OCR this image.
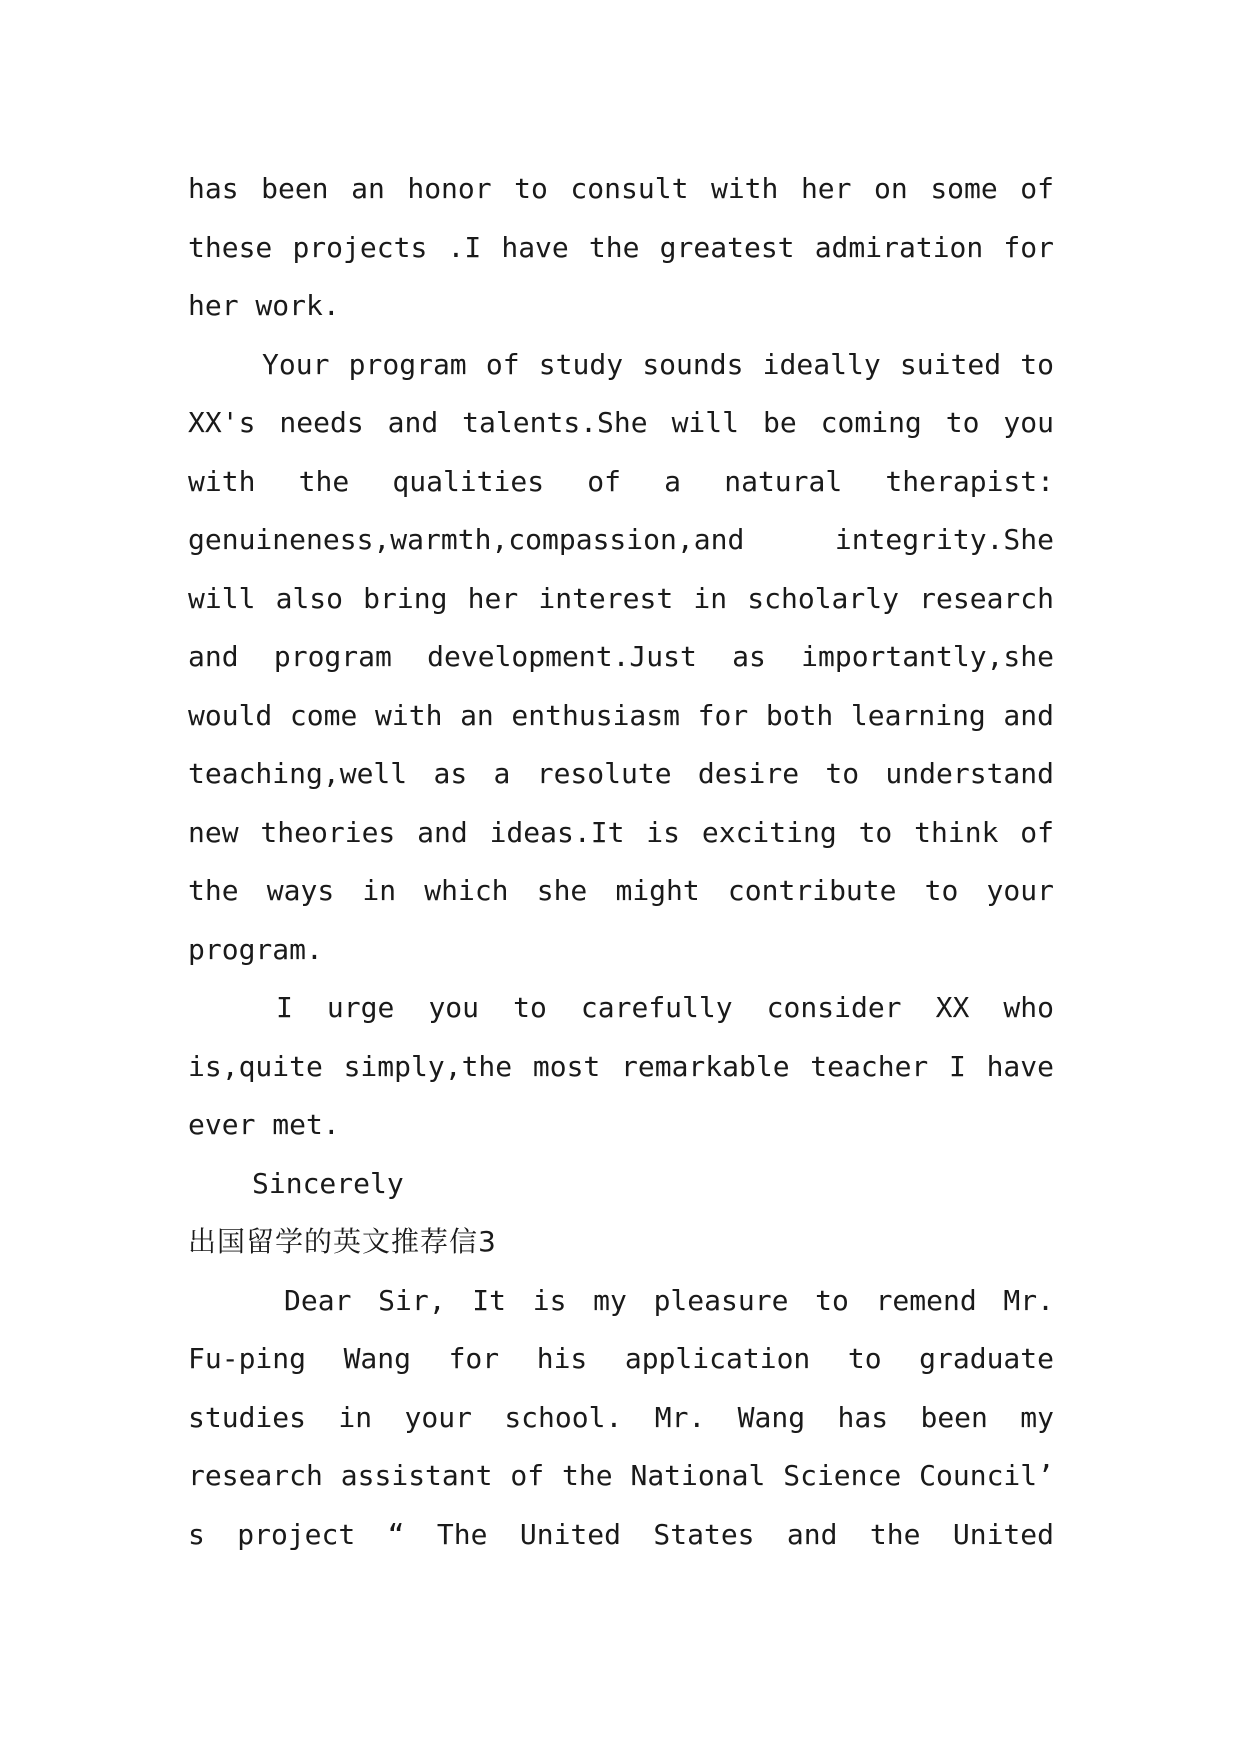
has been an honor to consult with her on some of
these projects .I have the greatest admiration for
her work.
Your program of study sounds ideally suited to
XX's needs and talents.She will be coming to you
with the qualities of a natural therapist:
genuineness,warmth,compassion,and integrity.She
will also bring her interest in scholarly research
and program development.Just as importantly,she
would come with an enthusiasm for both learning and
teaching,well as a resolute desire to understand
new theories and ideas.It is exciting to think of
the ways in which she might contribute to your
program.
I urge you to carefully consider XX who
is,quite simply,the most remarkable teacher I have
ever met.
Sincerely
出国留学的英文推荐信3
Dear Sir, It is my pleasure to remend Mr.
Fu-ping Wang for his application to graduate
studies in your school. Mr. Wang has been my
research assistant of the National Science Council’
s project “ The United States and the United
